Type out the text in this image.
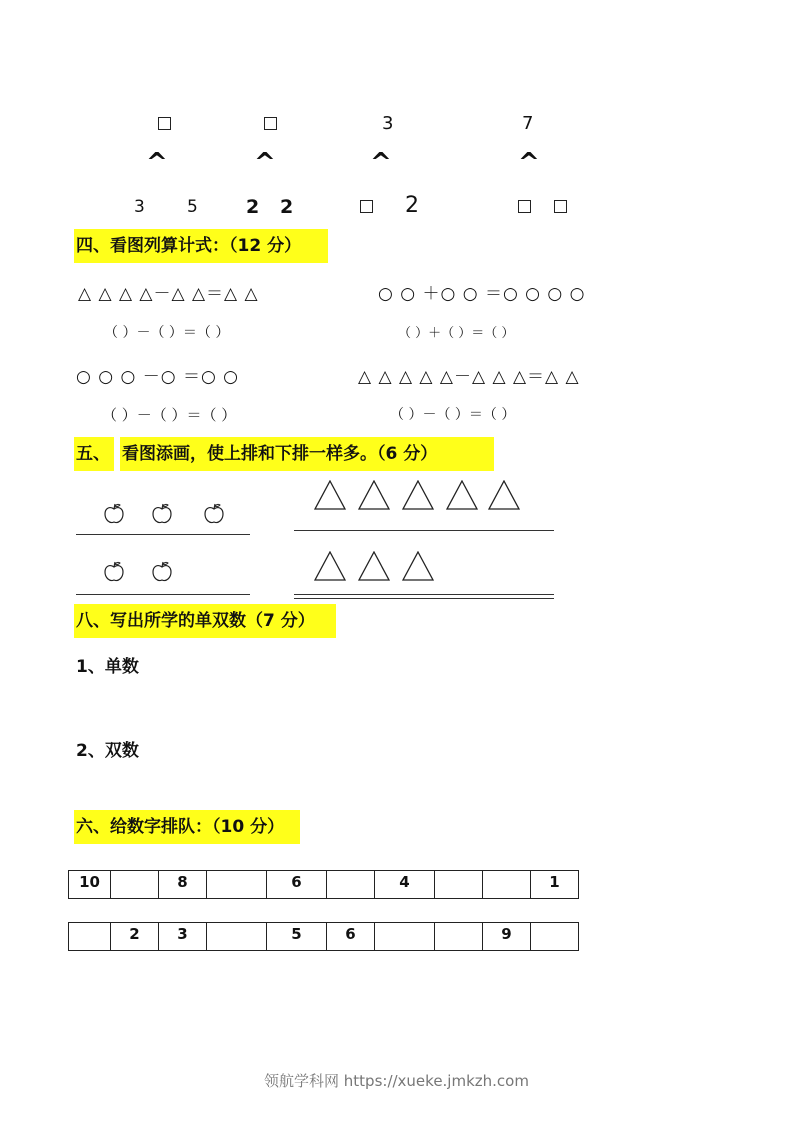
3	7
^	^	^	^
3 5	2 2	2
四、看图列算计式：（12 分）
△ △ △ △－△ △＝△ △	○ ○ ＋○ ○ ＝○ ○ ○ ○
（ ）－（ ）＝（ ）	（ ）＋（ ）＝（ ）
○ ○ ○ －○ ＝○ ○	△ △ △ △ △－△ △ △＝△ △
（ ）－（ ）＝（ ）	（ ）－（ ）＝（ ）
五、 看图添画，使上排和下排一样多。（6 分）
八、写出所学的单双数（7 分）
1、单数
2、双数
六、给数字排队：（10 分）
10		8		6		4			1
	2	3		5	6			9	
领航学科网 https://xueke.jmkzh.com
